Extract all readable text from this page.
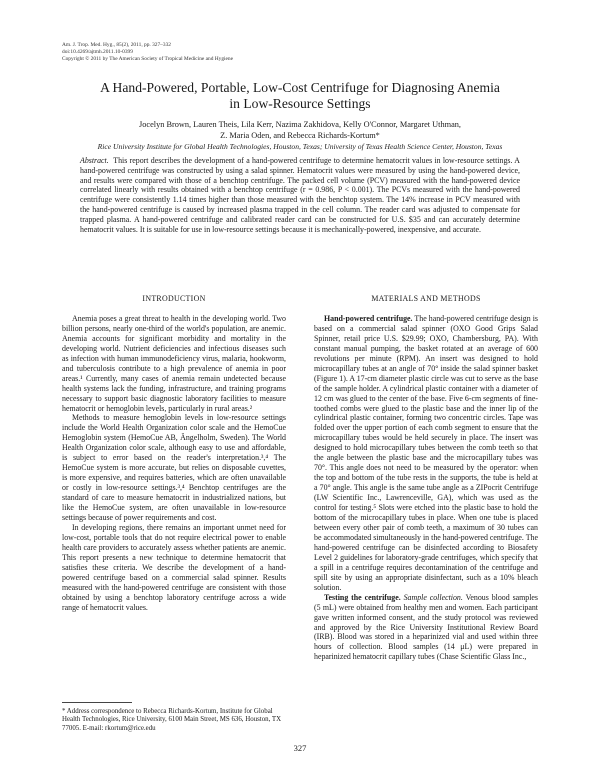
Am. J. Trop. Med. Hyg., 85(2), 2011, pp. 327–332
doi:10.4269/ajtmh.2011.10-0399
Copyright © 2011 by The American Society of Tropical Medicine and Hygiene
A Hand-Powered, Portable, Low-Cost Centrifuge for Diagnosing Anemia
in Low-Resource Settings
Jocelyn Brown, Lauren Theis, Lila Kerr, Nazima Zakhidova, Kelly O'Connor, Margaret Uthman,
Z. Maria Oden, and Rebecca Richards-Kortum*
Rice University Institute for Global Health Technologies, Houston, Texas; University of Texas Health Science Center, Houston, Texas
Abstract. This report describes the development of a hand-powered centrifuge to determine hematocrit values in low-resource settings. A hand-powered centrifuge was constructed by using a salad spinner. Hematocrit values were measured by using the hand-powered device, and results were compared with those of a benchtop centrifuge. The packed cell volume (PCV) measured with the hand-powered device correlated linearly with results obtained with a benchtop centrifuge (r = 0.986, P < 0.001). The PCVs measured with the hand-powered centrifuge were consistently 1.14 times higher than those measured with the benchtop system. The 14% increase in PCV measured with the hand-powered centrifuge is caused by increased plasma trapped in the cell column. The reader card was adjusted to compensate for trapped plasma. A hand-powered centrifuge and calibrated reader card can be constructed for U.S. $35 and can accurately determine hematocrit values. It is suitable for use in low-resource settings because it is mechanically-powered, inexpensive, and accurate.
INTRODUCTION

Anemia poses a great threat to health in the developing world. Two billion persons, nearly one-third of the world's population, are anemic. Anemia accounts for significant morbidity and mortality in the developing world. Nutrient deficiencies and infectious diseases such as infection with human immunodeficiency virus, malaria, hookworm, and tuberculosis contribute to a high prevalence of anemia in poor areas.¹ Currently, many cases of anemia remain undetected because health systems lack the funding, infrastructure, and training programs necessary to support basic diagnostic laboratory facilities to measure hematocrit or hemoglobin levels, particularly in rural areas.²

Methods to measure hemoglobin levels in low-resource settings include the World Health Organization color scale and the HemoCue Hemoglobin system (HemoCue AB, Ängelholm, Sweden). The World Health Organization color scale, although easy to use and affordable, is subject to error based on the reader's interpretation.³,⁴ The HemoCue system is more accurate, but relies on disposable cuvettes, is more expensive, and requires batteries, which are often unavailable or costly in low-resource settings.³,⁴ Benchtop centrifuges are the standard of care to measure hematocrit in industrialized nations, but like the HemoCue system, are often unavailable in low-resource settings because of power requirements and cost.

In developing regions, there remains an important unmet need for low-cost, portable tools that do not require electrical power to enable health care providers to accurately assess whether patients are anemic. This report presents a new technique to determine hematocrit that satisfies these criteria. We describe the development of a hand-powered centrifuge based on a commercial salad spinner. Results measured with the hand-powered centrifuge are consistent with those obtained by using a benchtop laboratory centrifuge across a wide range of hematocrit values.

MATERIALS AND METHODS

Hand-powered centrifuge. The hand-powered centrifuge design is based on a commercial salad spinner (OXO Good Grips Salad Spinner, retail price U.S. $29.99; OXO, Chambersburg, PA). With constant manual pumping, the basket rotated at an average of 600 revolutions per minute (RPM). An insert was designed to hold microcapillary tubes at an angle of 70° inside the salad spinner basket (Figure 1). A 17-cm diameter plastic circle was cut to serve as the base of the sample holder. A cylindrical plastic container with a diameter of 12 cm was glued to the center of the base. Five 6-cm segments of fine-toothed combs were glued to the plastic base and the inner lip of the cylindrical plastic container, forming two concentric circles. Tape was folded over the upper portion of each comb segment to ensure that the microcapillary tubes would be held securely in place. The insert was designed to hold microcapillary tubes between the comb teeth so that the angle between the plastic base and the microcapillary tubes was 70°. This angle does not need to be measured by the operator: when the top and bottom of the tube rests in the supports, the tube is held at a 70° angle. This angle is the same tube angle as a ZIPocrit Centrifuge (LW Scientific Inc., Lawrenceville, GA), which was used as the control for testing.⁵ Slots were etched into the plastic base to hold the bottom of the microcapillary tubes in place. When one tube is placed between every other pair of comb teeth, a maximum of 30 tubes can be accommodated simultaneously in the hand-powered centrifuge. The hand-powered centrifuge can be disinfected according to Biosafety Level 2 guidelines for laboratory-grade centrifuges, which specify that a spill in a centrifuge requires decontamination of the centrifuge and spill site by using an appropriate disinfectant, such as a 10% bleach solution.

Testing the centrifuge. Sample collection. Venous blood samples (5 mL) were obtained from healthy men and women. Each participant gave written informed consent, and the study protocol was reviewed and approved by the Rice University Institutional Review Board (IRB). Blood was stored in a heparinized vial and used within three hours of collection. Blood samples (14 μL) were prepared in heparinized hematocrit capillary tubes (Chase Scientific Glass Inc.,

* Address correspondence to Rebecca Richards-Kortum, Institute for Global Health Technologies, Rice University, 6100 Main Street, MS 636, Houston, TX 77005. E-mail: rkortum@rice.edu
327
